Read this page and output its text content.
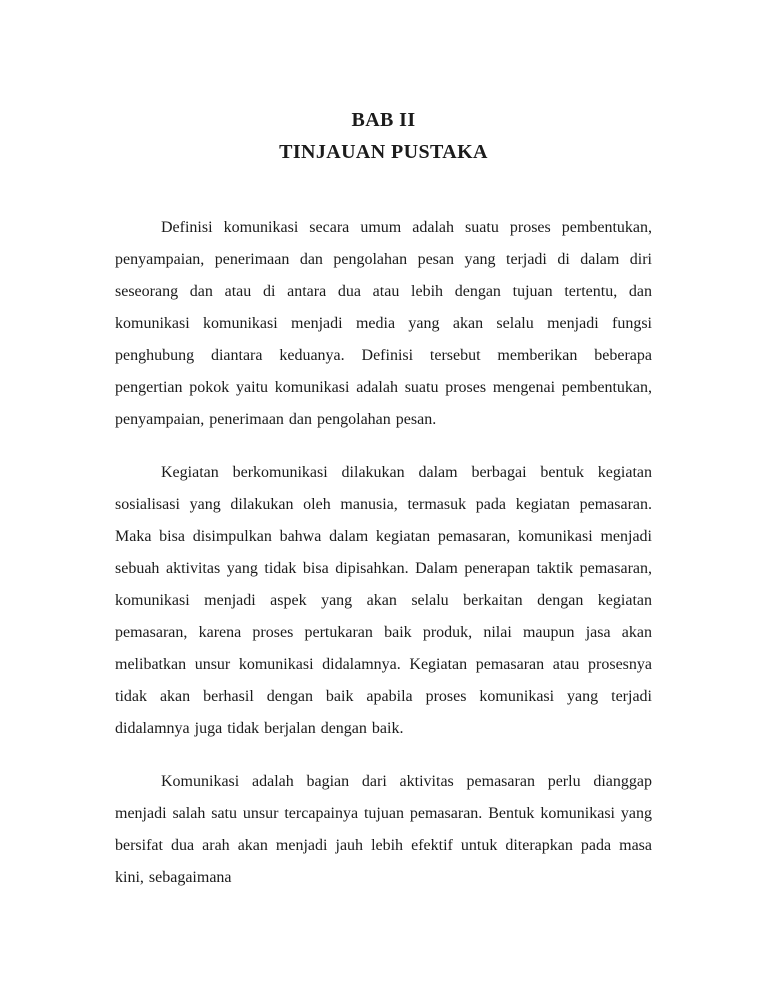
BAB II
TINJAUAN PUSTAKA

Definisi komunikasi secara umum adalah suatu proses pembentukan, penyampaian, penerimaan dan pengolahan pesan yang terjadi di dalam diri seseorang dan atau di antara dua atau lebih dengan tujuan tertentu, dan komunikasi komunikasi menjadi media yang akan selalu menjadi fungsi penghubung diantara keduanya. Definisi tersebut memberikan beberapa pengertian pokok yaitu komunikasi adalah suatu proses mengenai pembentukan, penyampaian, penerimaan dan pengolahan pesan.

Kegiatan berkomunikasi dilakukan dalam berbagai bentuk kegiatan sosialisasi yang dilakukan oleh manusia, termasuk pada kegiatan pemasaran. Maka bisa disimpulkan bahwa dalam kegiatan pemasaran, komunikasi menjadi sebuah aktivitas yang tidak bisa dipisahkan. Dalam penerapan taktik pemasaran, komunikasi menjadi aspek yang akan selalu berkaitan dengan kegiatan pemasaran, karena proses pertukaran baik produk, nilai maupun jasa akan melibatkan unsur komunikasi didalamnya. Kegiatan pemasaran atau prosesnya tidak akan berhasil dengan baik apabila proses komunikasi yang terjadi didalamnya juga tidak berjalan dengan baik.

Komunikasi adalah bagian dari aktivitas pemasaran perlu dianggap menjadi salah satu unsur tercapainya tujuan pemasaran. Bentuk komunikasi yang bersifat dua arah akan menjadi jauh lebih efektif untuk diterapkan pada masa kini, sebagaimana
